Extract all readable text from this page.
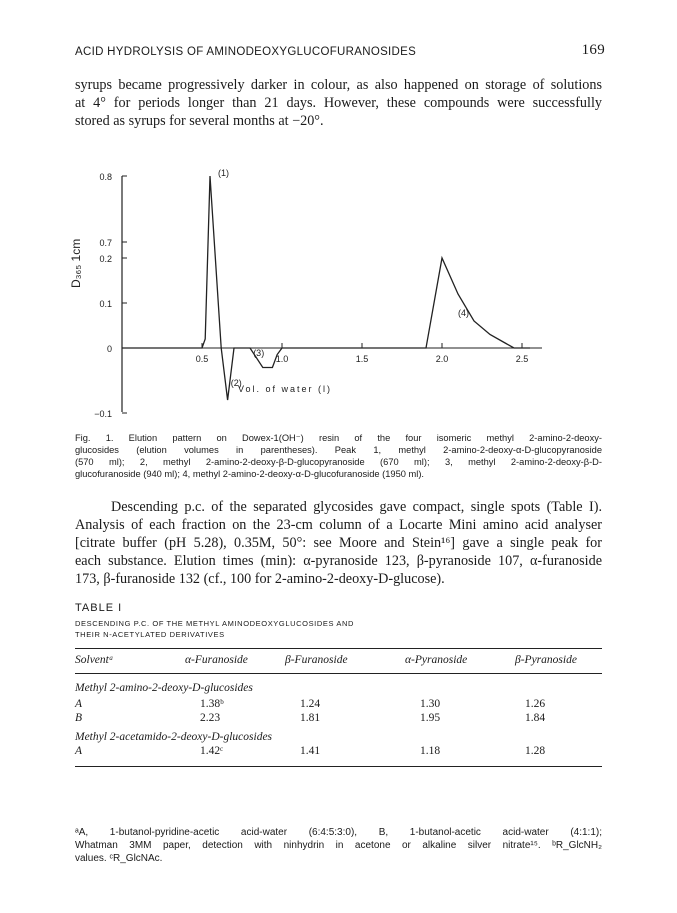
ACID HYDROLYSIS OF AMINODEOXYGLUCOFURANOSIDES	169
syrups became progressively darker in colour, as also happened on storage of solutions
at 4° for periods longer than 21 days. However, these compounds were successfully
stored as syrups for several months at −20°.
0.8
0.7
0.2
0.1
0
−0.1
0.5	1.0	1.5	2.0	2.5
(1)
(2)
(3)
(4)
D₃₆₅ 1cm
Vol. of water (l)
Fig. 1. Elution pattern on Dowex-1(OH⁻) resin of the four isomeric methyl 2-amino-2-deoxy-
glucosides (elution volumes in parentheses). Peak 1, methyl 2-amino-2-deoxy-α-D-glucopyranoside
(570 ml); 2, methyl 2-amino-2-deoxy-β-D-glucopyranoside (670 ml); 3, methyl 2-amino-2-deoxy-β-D-
glucofuranoside (940 ml); 4, methyl 2-amino-2-deoxy-α-D-glucofuranoside (1950 ml).
Descending p.c. of the separated glycosides gave compact, single spots (Table I).
Analysis of each fraction on the 23-cm column of a Locarte Mini amino acid analyser
[citrate buffer (pH 5.28), 0.35M, 50°: see Moore and Stein¹⁶] gave a single peak for
each substance. Elution times (min): α-pyranoside 123, β-pyranoside 107, α-furanoside
173, β-furanoside 132 (cf., 100 for 2-amino-2-deoxy-D-glucose).
TABLE I
DESCENDING P.C. OF THE METHYL AMINODEOXYGLUCOSIDES AND
THEIR N-ACETYLATED DERIVATIVES
Solventᵃ	α-Furanoside	β-Furanoside	α-Pyranoside	β-Pyranoside
Methyl 2-amino-2-deoxy-D-glucosides
A	1.38ᵇ	1.24	1.30	1.26
B	2.23	1.81	1.95	1.84
Methyl 2-acetamido-2-deoxy-D-glucosides
A	1.42ᶜ	1.41	1.18	1.28
ᵃA, 1-butanol-pyridine-acetic acid-water (6:4:5:3:0), B, 1-butanol-acetic acid-water (4:1:1);
Whatman 3MM paper, detection with ninhydrin in acetone or alkaline silver nitrate¹⁵. ᵇR_GlcNH₂
values. ᶜR_GlcNAc.
